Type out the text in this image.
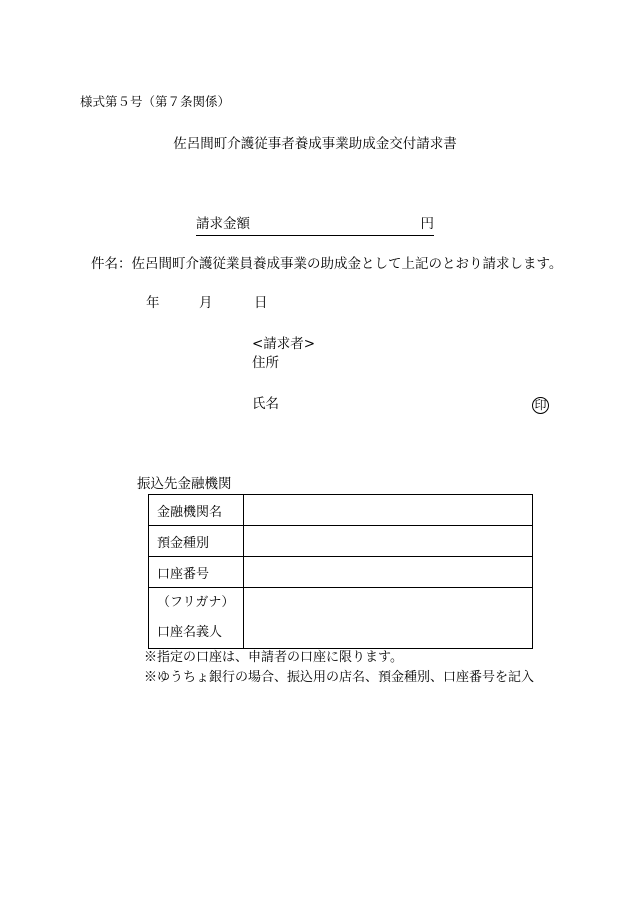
様式第５号（第７条関係）
佐呂間町介護従事者養成事業助成金交付請求書
請求金額	円
件名：佐呂間町介護従業員養成事業の助成金として上記のとおり請求します。
年	月	日
<請求者>
住所
氏名	印
振込先金融機関
金融機関名	
預金種別	
口座番号	

（フリガナ）
口座名義人	

※指定の口座は、申請者の口座に限ります。
※ゆうちょ銀行の場合、振込用の店名、預金種別、口座番号を記入
